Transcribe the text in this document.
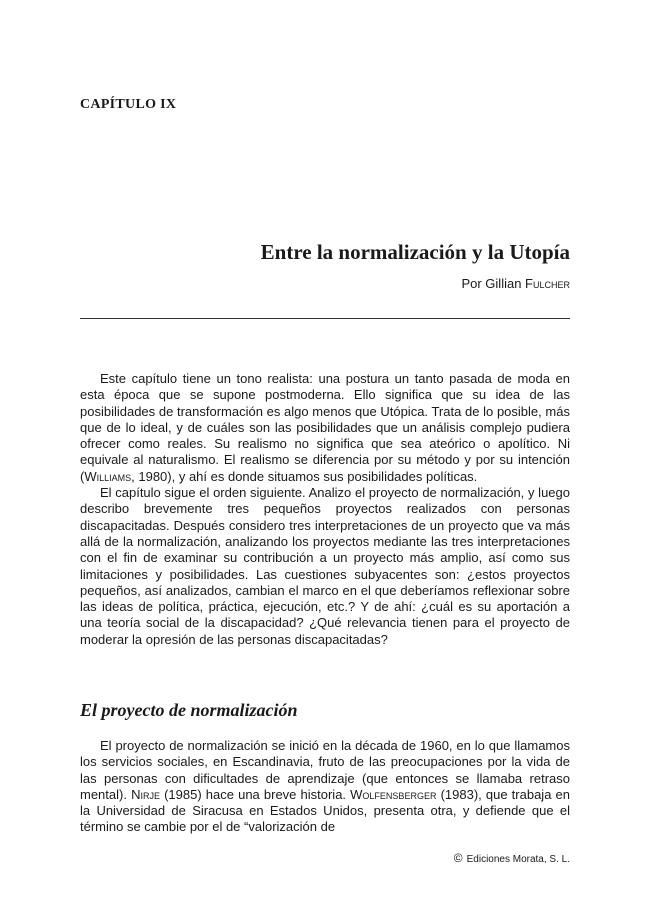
CAPÍTULO IX
Entre la normalización y la Utopía
Por Gillian Fulcher

Este capítulo tiene un tono realista: una postura un tanto pasada de moda en esta época que se supone postmoderna. Ello significa que su idea de las posibilidades de transformación es algo menos que Utópica. Trata de lo posible, más que de lo ideal, y de cuáles son las posibilidades que un análisis complejo pudiera ofrecer como reales. Su realismo no significa que sea ateórico o apolítico. Ni equivale al naturalismo. El realismo se diferencia por su método y por su intención (Williams, 1980), y ahí es donde situamos sus posibilidades políticas.

El capítulo sigue el orden siguiente. Analizo el proyecto de normalización, y luego describo brevemente tres pequeños proyectos realizados con personas discapacitadas. Después considero tres interpretaciones de un proyecto que va más allá de la normalización, analizando los proyectos mediante las tres interpretaciones con el fin de examinar su contribución a un proyecto más amplio, así como sus limitaciones y posibilidades. Las cuestiones subyacentes son: ¿estos proyectos pequeños, así analizados, cambian el marco en el que deberíamos reflexionar sobre las ideas de política, práctica, ejecución, etc.? Y de ahí: ¿cuál es su aportación a una teoría social de la discapacidad? ¿Qué relevancia tienen para el proyecto de moderar la opresión de las personas discapacitadas?

El proyecto de normalización

El proyecto de normalización se inició en la década de 1960, en lo que llamamos los servicios sociales, en Escandinavia, fruto de las preocupaciones por la vida de las personas con dificultades de aprendizaje (que entonces se llamaba retraso mental). Nirje (1985) hace una breve historia. Wolfensberger (1983), que trabaja en la Universidad de Siracusa en Estados Unidos, presenta otra, y defiende que el término se cambie por el de “valorización de

© Ediciones Morata, S. L.
